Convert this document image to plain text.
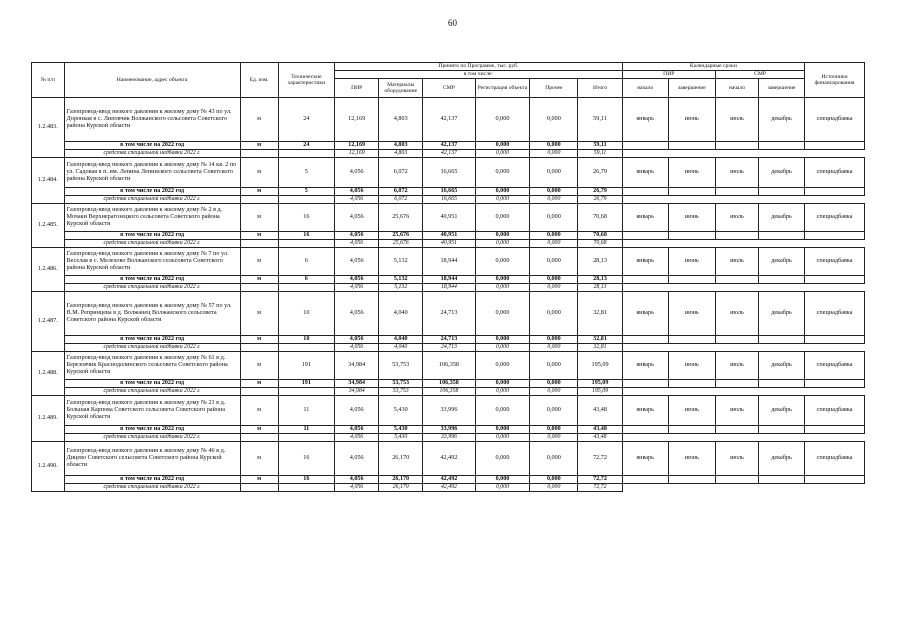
60
№ п/п	Наименование, адрес объекта	Ед. изм.	Технические характеристики	Принято по Программе, тыс. руб.						Календарные сроки				Источники финансирования
				в том числе:						ПИР		СМР		
				ПИР	Материалы оборудование	СМР	Регистрация объекта	Прочее	Итого	начало	завершение	начало	завершение	
1.2.483.	Газопровод-ввод низкого давления к жилому дому № 43 по ул. Доронкая в с. Липовчик Волжанского сельсовета Советского района Курской области	м	24	12,169	4,803	42,137	0,000	0,000	59,11	январь	июнь	июль	декабрь	спецнадбавка
	в том числе на 2022 год	м	24	12,169	4,803	42,137	0,000	0,000	59,11					
	средства специальной надбавки 2022 г.			12,169	4,803	42,137	0,000	0,000	59,11					
1.2.484.	Газопровод-ввод низкого давления к жилому дому № 14 кв. 2 по ул. Садовая в п. им. Ленина Ленинского сельсовета Советского района Курской области	м	5	4,056	6,072	16,665	0,000	0,000	26,79	январь	июнь	июль	декабрь	спецнадбавка
	в том числе на 2022 год	м	5	4,056	6,072	16,665	0,000	0,000	26,79					
	средства специальной надбавки 2022 г.			4,056	6,072	16,665	0,000	0,000	26,79					
1.2.485.	Газопровод-ввод низкого давления к жилому дому № 2 в д. Мочаки Верхнерагозецкого сельсовета Советского района Курской области	м	16	4,056	25,676	40,951	0,000	0,000	70,68	январь	июнь	июль	декабрь	спецнадбавка
	в том числе на 2022 год	м	16	4,056	25,676	40,951	0,000	0,000	70,68					
	средства специальной надбавки 2022 г.			4,056	25,676	40,951	0,000	0,000	70,68					
1.2.486.	Газопровод-ввод низкого давления к жилому дому № 7 по ул. Веселая в с. Мелехово Волжанского сельсовета Советского района Курской области	м	6	4,056	5,132	18,944	0,000	0,000	28,13	январь	июнь	июль	декабрь	спецнадбавка
	в том числе на 2022 год	м	6	4,056	5,132	18,944	0,000	0,000	28,13					
	средства специальной надбавки 2022 г.			4,056	5,132	18,944	0,000	0,000	28,13					
1.2.487.	Газопровод-ввод низкого давления к жилому дому № 57 по ул. В.М. Репринцева в д. Волжанец Волжанского сельсовета Советского района Курской области	м	10	4,056	4,040	24,713	0,000	0,000	32,81	январь	июнь	июль	декабрь	спецнадбавка
	в том числе на 2022 год	м	10	4,056	4,040	24,713	0,000	0,000	32,81					
	средства специальной надбавки 2022 г.			4,056	4,040	24,713	0,000	0,000	32,81					
1.2.488.	Газопровод-ввод низкого давления к жилому дому № 61 в д. Березовчик Краснодолинского сельсовета Советского района Курской области	м	191	34,984	53,753	106,358	0,000	0,000	195,09	январь	июнь	июль	декабрь	спецнадбавка
	в том числе на 2022 год	м	191	34,984	53,753	106,358	0,000	0,000	195,09					
	средства специальной надбавки 2022 г.			34,984	53,753	106,358	0,000	0,000	195,09					
1.2.489.	Газопровод-ввод низкого давления к жилому дому № 21 в д. Большая Карпова Советского сельсовета Советского района Курской области	м	11	4,056	5,430	33,996	0,000	0,000	43,48	январь	июнь	июль	декабрь	спецнадбавка
	в том числе на 2022 год	м	11	4,056	5,430	33,996	0,000	0,000	43,48					
	средства специальной надбавки 2022 г.			4,056	5,430	33,996	0,000	0,000	43,48					
1.2.490.	Газопровод-ввод низкого давления к жилому дому № 46 в д. Дицево Советского сельсовета Советского района Курской области	м	16	4,056	26,170	42,492	0,000	0,000	72,72	январь	июнь	июль	декабрь	спецнадбавка
	в том числе на 2022 год	м	16	4,056	26,170	42,492	0,000	0,000	72,72					
	средства специальной надбавки 2022 г.			4,056	26,170	42,492	0,000	0,000	72,72					
